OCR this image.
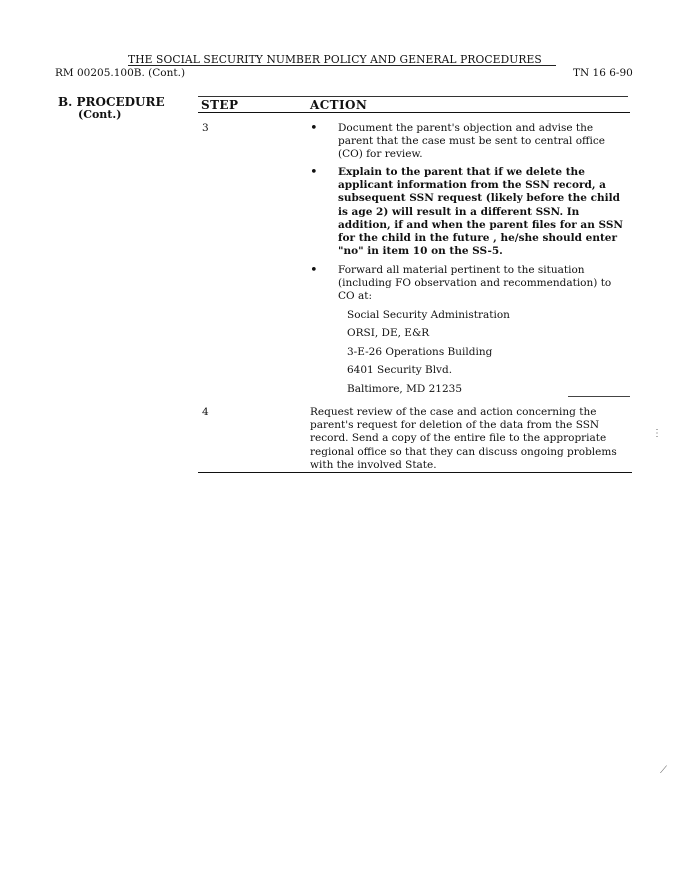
THE SOCIAL SECURITY NUMBER POLICY AND GENERAL PROCEDURES
RM 00205.100B. (Cont.)	TN 16 6-90
B. PROCEDURE
(Cont.)
STEP	ACTION
3	• Document the parent's objection and advise the parent that the case must be sent to central office (CO) for review.
• Explain to the parent that if we delete the applicant information from the SSN record, a subsequent SSN request (likely before the child is age 2) will result in a different SSN. In addition, if and when the parent files for an SSN for the child in the future , he/she should enter "no" in item 10 on the SS-5.
• Forward all material pertinent to the situation (including FO observation and recommendation) to CO at:
Social Security Administration
ORSI, DE, E&R
3-E-26 Operations Building
6401 Security Blvd.
Baltimore, MD 21235
4	Request review of the case and action concerning the parent's request for deletion of the data from the SSN record. Send a copy of the entire file to the appropriate regional office so that they can discuss ongoing problems with the involved State.
⋮
⟋
